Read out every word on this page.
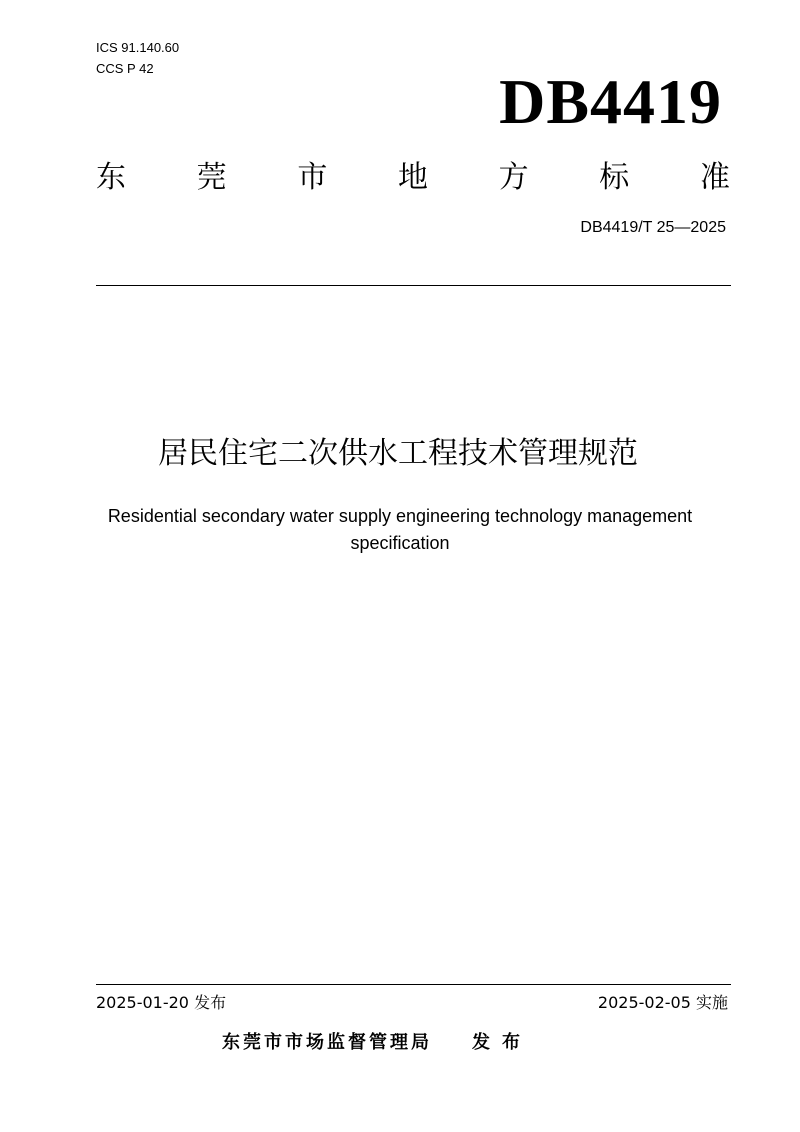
ICS 91.140.60
CCS P 42	DB4419
东 莞 市 地 方 标 准
DB4419/T 25—2025
居民住宅二次供水工程技术管理规范
Residential secondary water supply engineering technology management specification
2025-01-20 发布	2025-02-05 实施
东莞市市场监督管理局 发布
